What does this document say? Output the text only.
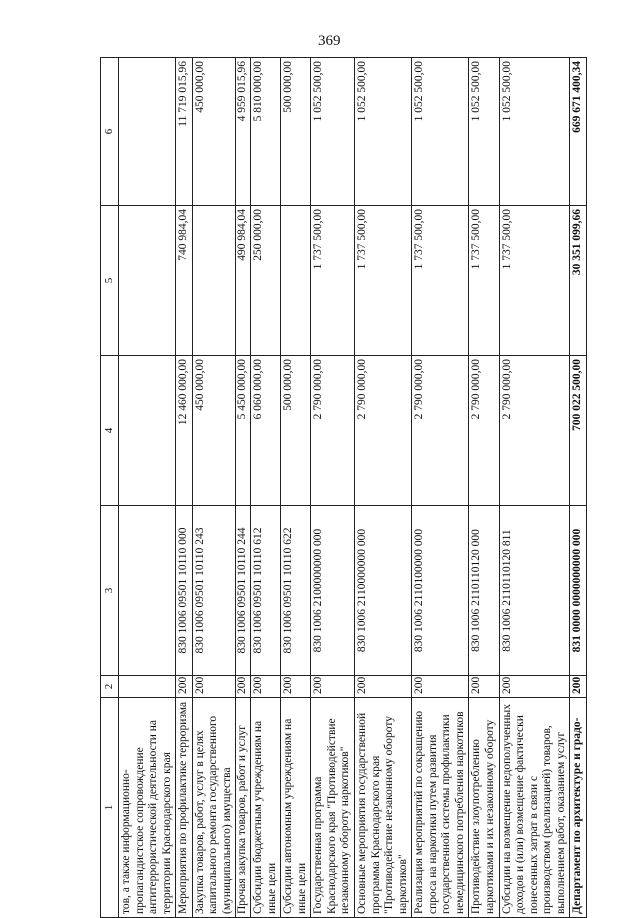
369
1	2	3	4	5	6
тов, а также информационно-пропагандистское сопровождение антитеррористической деятельности на территории Краснодарского края					
Мероприятия по профилактике терроризма	200	830 1006 09501 10110 000	12 460 000,00	740 984,04	11 719 015,96
Закупка товаров, работ, услуг в целях капитального ремонта государственного (муниципального) имущества	200	830 1006 09501 10110 243	450 000,00		450 000,00
Прочая закупка товаров, работ и услуг	200	830 1006 09501 10110 244	5 450 000,00	490 984,04	4 959 015,96
Субсидии бюджетным учреждениям на иные цели	200	830 1006 09501 10110 612	6 060 000,00	250 000,00	5 810 000,00
Субсидии автономным учреждениям на иные цели	200	830 1006 09501 10110 622	500 000,00		500 000,00
Государственная программа Краснодарского края "Противодействие незаконному обороту наркотиков"	200	830 1006 2100000000 000	2 790 000,00	1 737 500,00	1 052 500,00
Основные мероприятия государственной программа Краснодарского края "Противодействие незаконному обороту наркотиков"	200	830 1006 2110000000 000	2 790 000,00	1 737 500,00	1 052 500,00
Реализация мероприятий по сокращению спроса на наркотики путем развития государственной системы профилактики немедицинского потребления наркотиков	200	830 1006 2110100000 000	2 790 000,00	1 737 500,00	1 052 500,00
Противодействие злоупотреблению наркотиками и их незаконному обороту	200	830 1006 2110110120 000	2 790 000,00	1 737 500,00	1 052 500,00
Субсидии на возмещение недополученных доходов и (или) возмещение фактически понесенных затрат в связи с производством (реализацией) товаров, выполнением работ, оказанием услуг	200	830 1006 2110110120 811	2 790 000,00	1 737 500,00	1 052 500,00
Департамент по архитектуре и градо-	200	831 0000 0000000000 000	700 022 500,00	30 351 099,66	669 671 400,34
